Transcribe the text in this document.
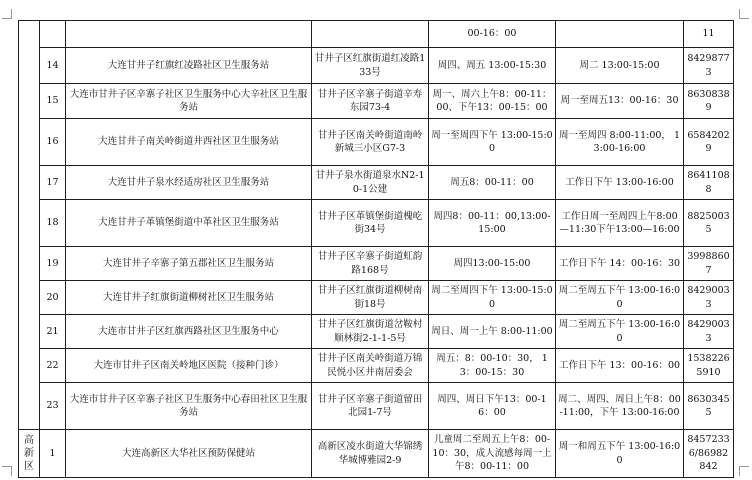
				00-16：00		11
	14	大连甘井子红旗红凌路社区卫生服务站	甘井子区红旗街道红凌路133号	周四、周五 13:00-15:30	周二 13:00-15:00	84298773
	15	大连市甘井子区辛寨子社区卫生服务中心大辛社区卫生服务站	甘井子区辛寨子街道辛寿东园73-4	周一、周六上午8：00-11：00、下午13：00-15：00	周一至周五13：00-16：30	86308389
	16	大连甘井子南关岭街道井西社区卫生服务站	甘井子区南关岭街道南岭新城三小区G7-3	周一至周四下午 13:00-15:00	周一至周四 8:00-11:00， 13:00-16:00	65842029
	17	大连甘井子泉水经适房社区卫生服务站	甘井子泉水街道泉水N2-10-1公建	周五8：00-11：00	工作日下午 13:00-16:00	86411088
	18	大连甘井子革镇堡街道中革社区卫生服务站	甘井子区革镇堡街道槐屹街34号	周四8：00-11：00,13:00-15:00	工作日周一至周四上午8:00—11:30下午13:00—16:00	88250035
	19	大连甘井子辛寨子第五郡社区卫生服务站	甘井子区辛寨子街道虹韵路168号	周四13:00-15:00	工作日下午 14：00-16：30	39988607
	20	大连甘井子红旗街道柳树社区卫生服务站	甘井子区红旗街道柳树南街18号	周二至周四下午 13:00-15:00	周二至周五下午 13:00-16:00	84290033
	21	大连市甘井子区红旗西路社区卫生服务中心	甘井子区红旗街道岔鞍村顺林街2-1-1-5号	周日、周一上午 8:00-11:00	周二至周五下午 13:00-16:00	84290033
	22	大连市甘井子区南关岭地区医院（接种门诊）	甘井子区南关岭街道万锦民悦小区井南居委会	周五：8：00-10：30， 13：00-15：30	工作日下午 13：00-16：00	15382265910
	23	大连市甘井子区辛寨子社区卫生服务中心春田社区卫生服务站	甘井子区辛寨子街道留田北园1-7号	周四、周日下午13：00-16：00	周二、周四、周日上午8：00-11:00，下午 13:00-16:00	86303455
高新区	1	大连高新区大华社区预防保健站	高新区凌水街道大华锦绣华城博雅园2-9	儿童周二至周五上午8：00-10：30，成人流感每周一上午8：00-11：00	周一和周五下午 13:00-16:00	84572336/86982842
